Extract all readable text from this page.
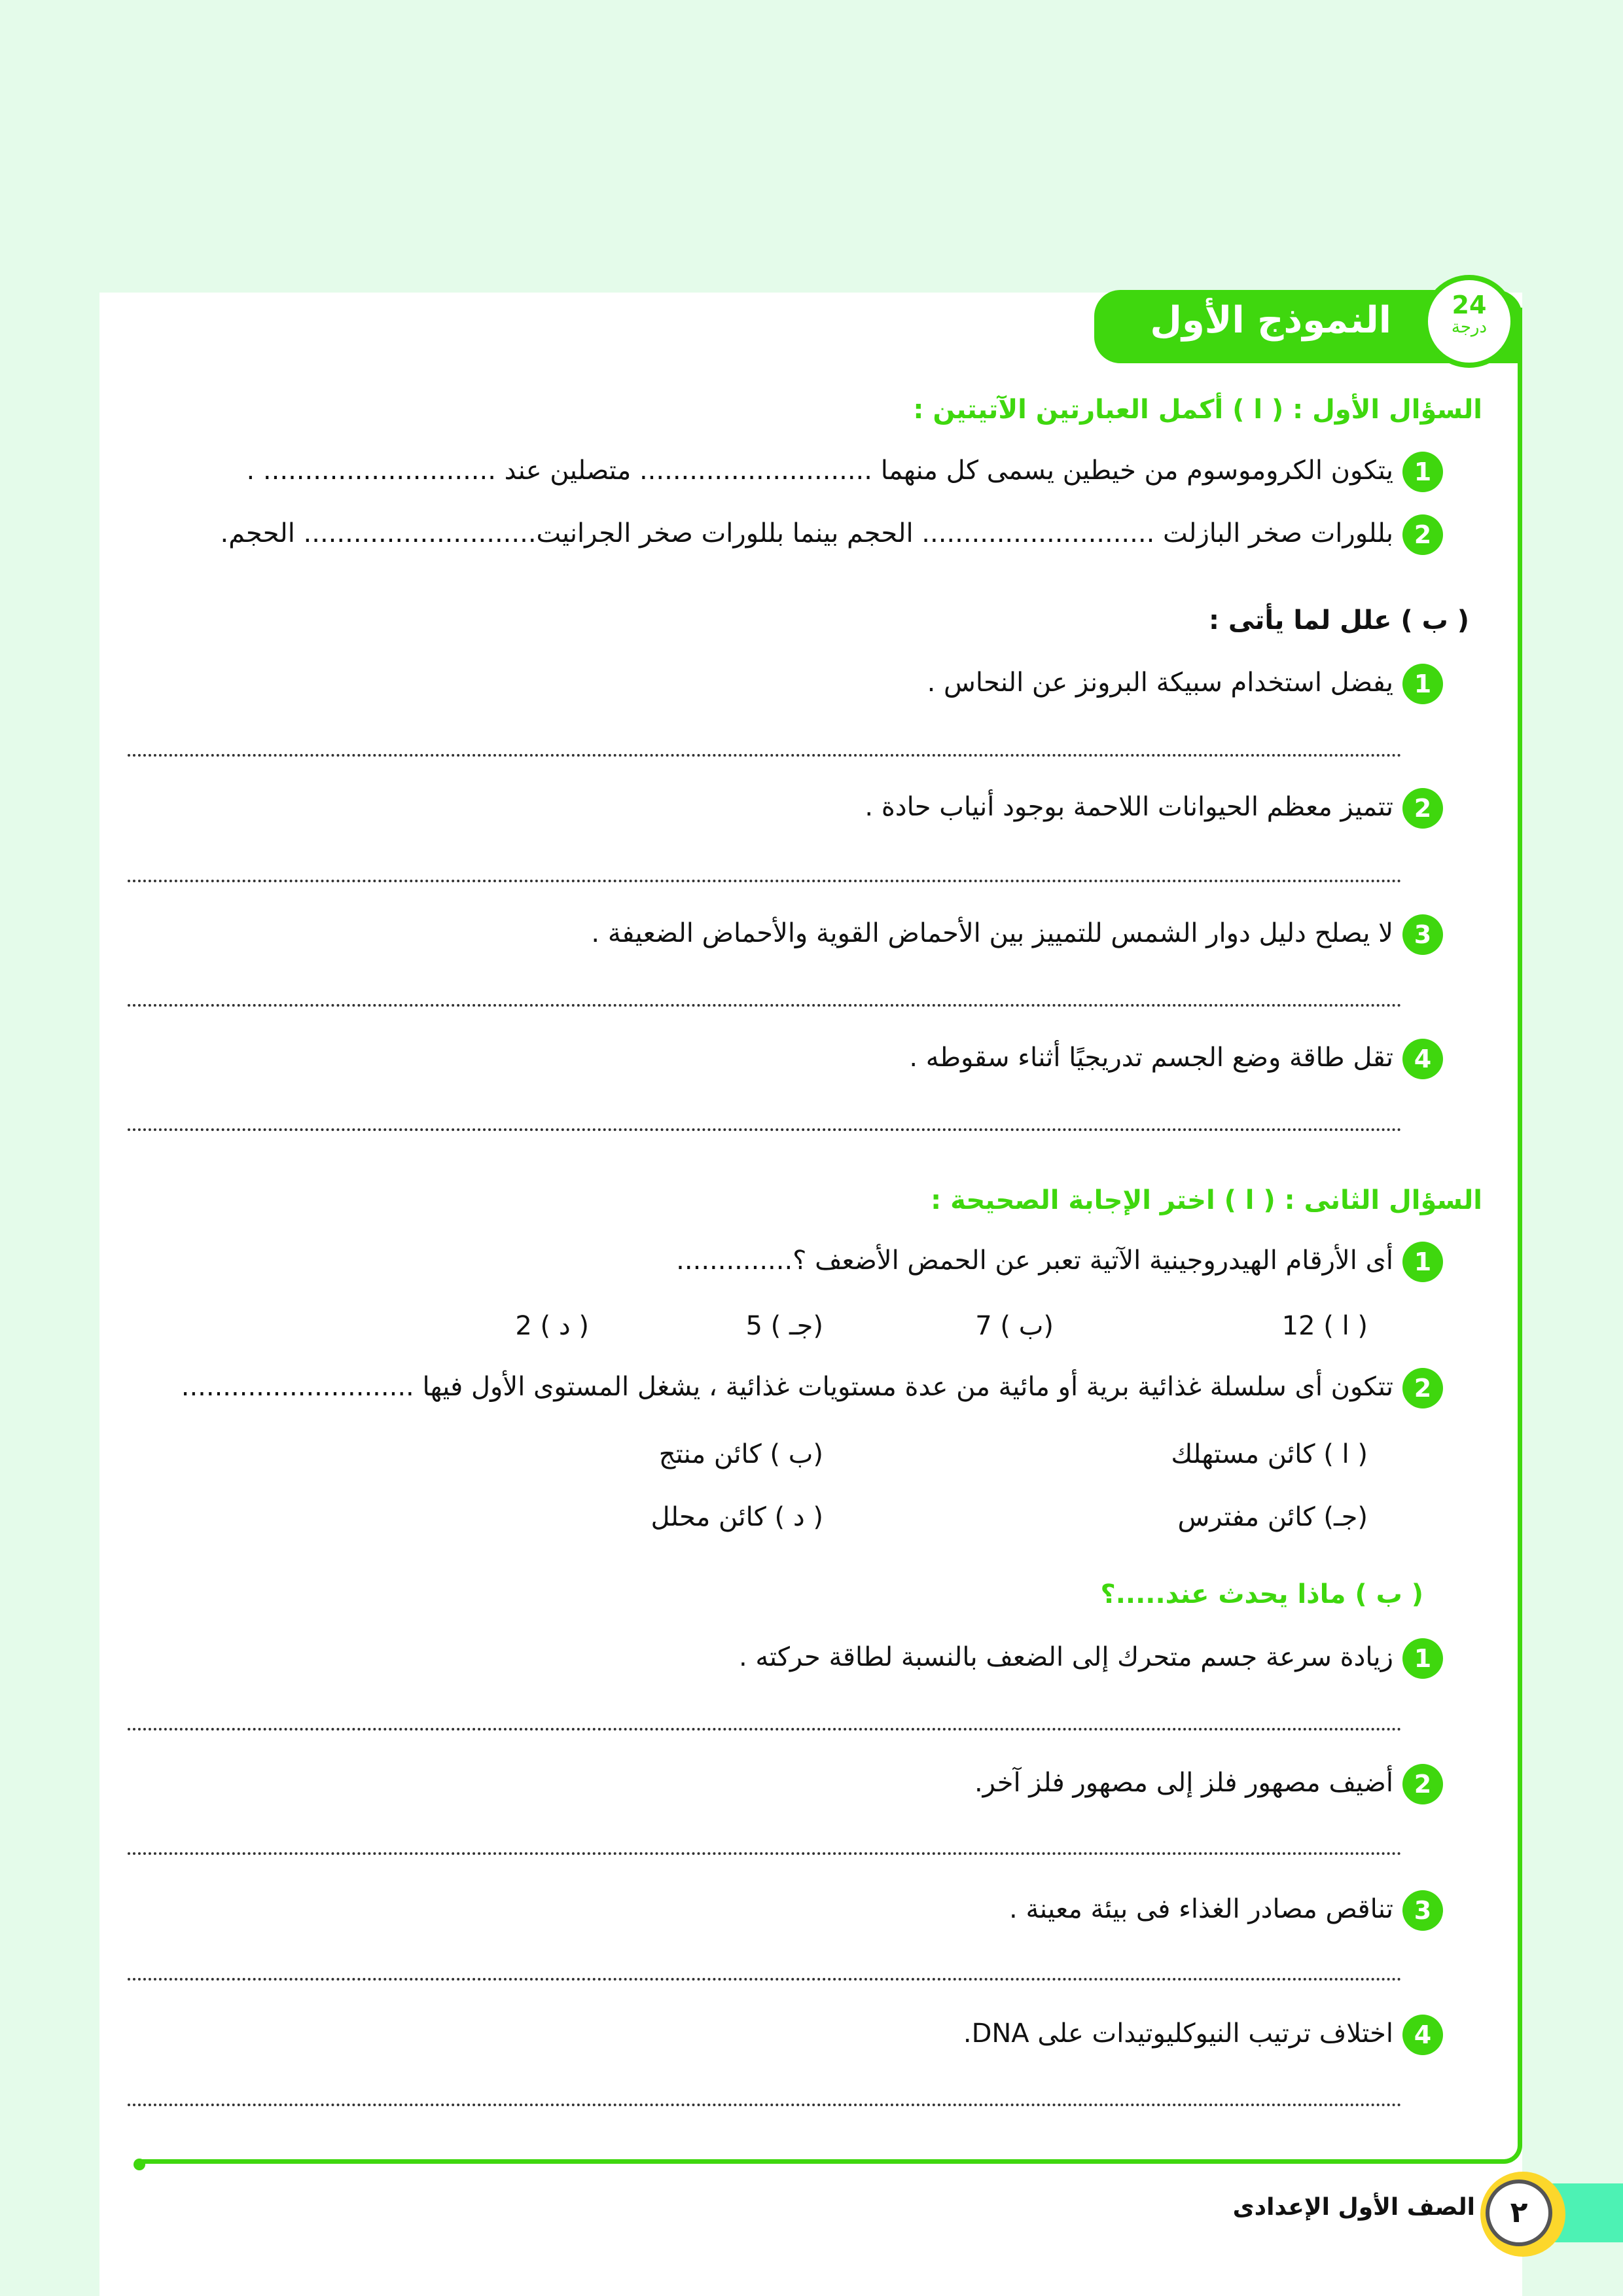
النموذج الأول	24
درجة
السؤال الأول : ( ا ) أكمل العبارتين الآتيتين :
1يتكون الكروموسوم من خيطين يسمى كل منهما ............................ متصلين عند ............................ .
2بللورات صخر البازلت ............................ الحجم بينما بللورات صخر الجرانيت............................ الحجم.
( ب ) علل لما يأتى :
1يفضل استخدام سبيكة البرونز عن النحاس .
2تتميز معظم الحيوانات اللاحمة بوجود أنياب حادة .
3لا يصلح دليل دوار الشمس للتمييز بين الأحماض القوية والأحماض الضعيفة .
4تقل طاقة وضع الجسم تدريجيًا أثناء سقوطه .
السؤال الثانى : ( ا ) اختر الإجابة الصحيحة :
1أى الأرقام الهيدروجينية الآتية تعبر عن الحمض الأضعف ؟..............
( ا ) 12
(ب ) 7
(جـ ) 5
( د ) 2
2تتكون أى سلسلة غذائية برية أو مائية من عدة مستويات غذائية ، يشغل المستوى الأول فيها ............................
( ا ) كائن مستهلك
(ب ) كائن منتج
(جـ) كائن مفترس
( د ) كائن محلل
( ب ) ماذا يحدث عند.....؟
1زيادة سرعة جسم متحرك إلى الضعف بالنسبة لطاقة حركته .
2أضيف مصهور فلز إلى مصهور فلز آخر.
3تناقص مصادر الغذاء فى بيئة معينة .
4اختلاف ترتيب النيوكليوتيدات على DNA.
٢
الصف الأول الإعدادى
